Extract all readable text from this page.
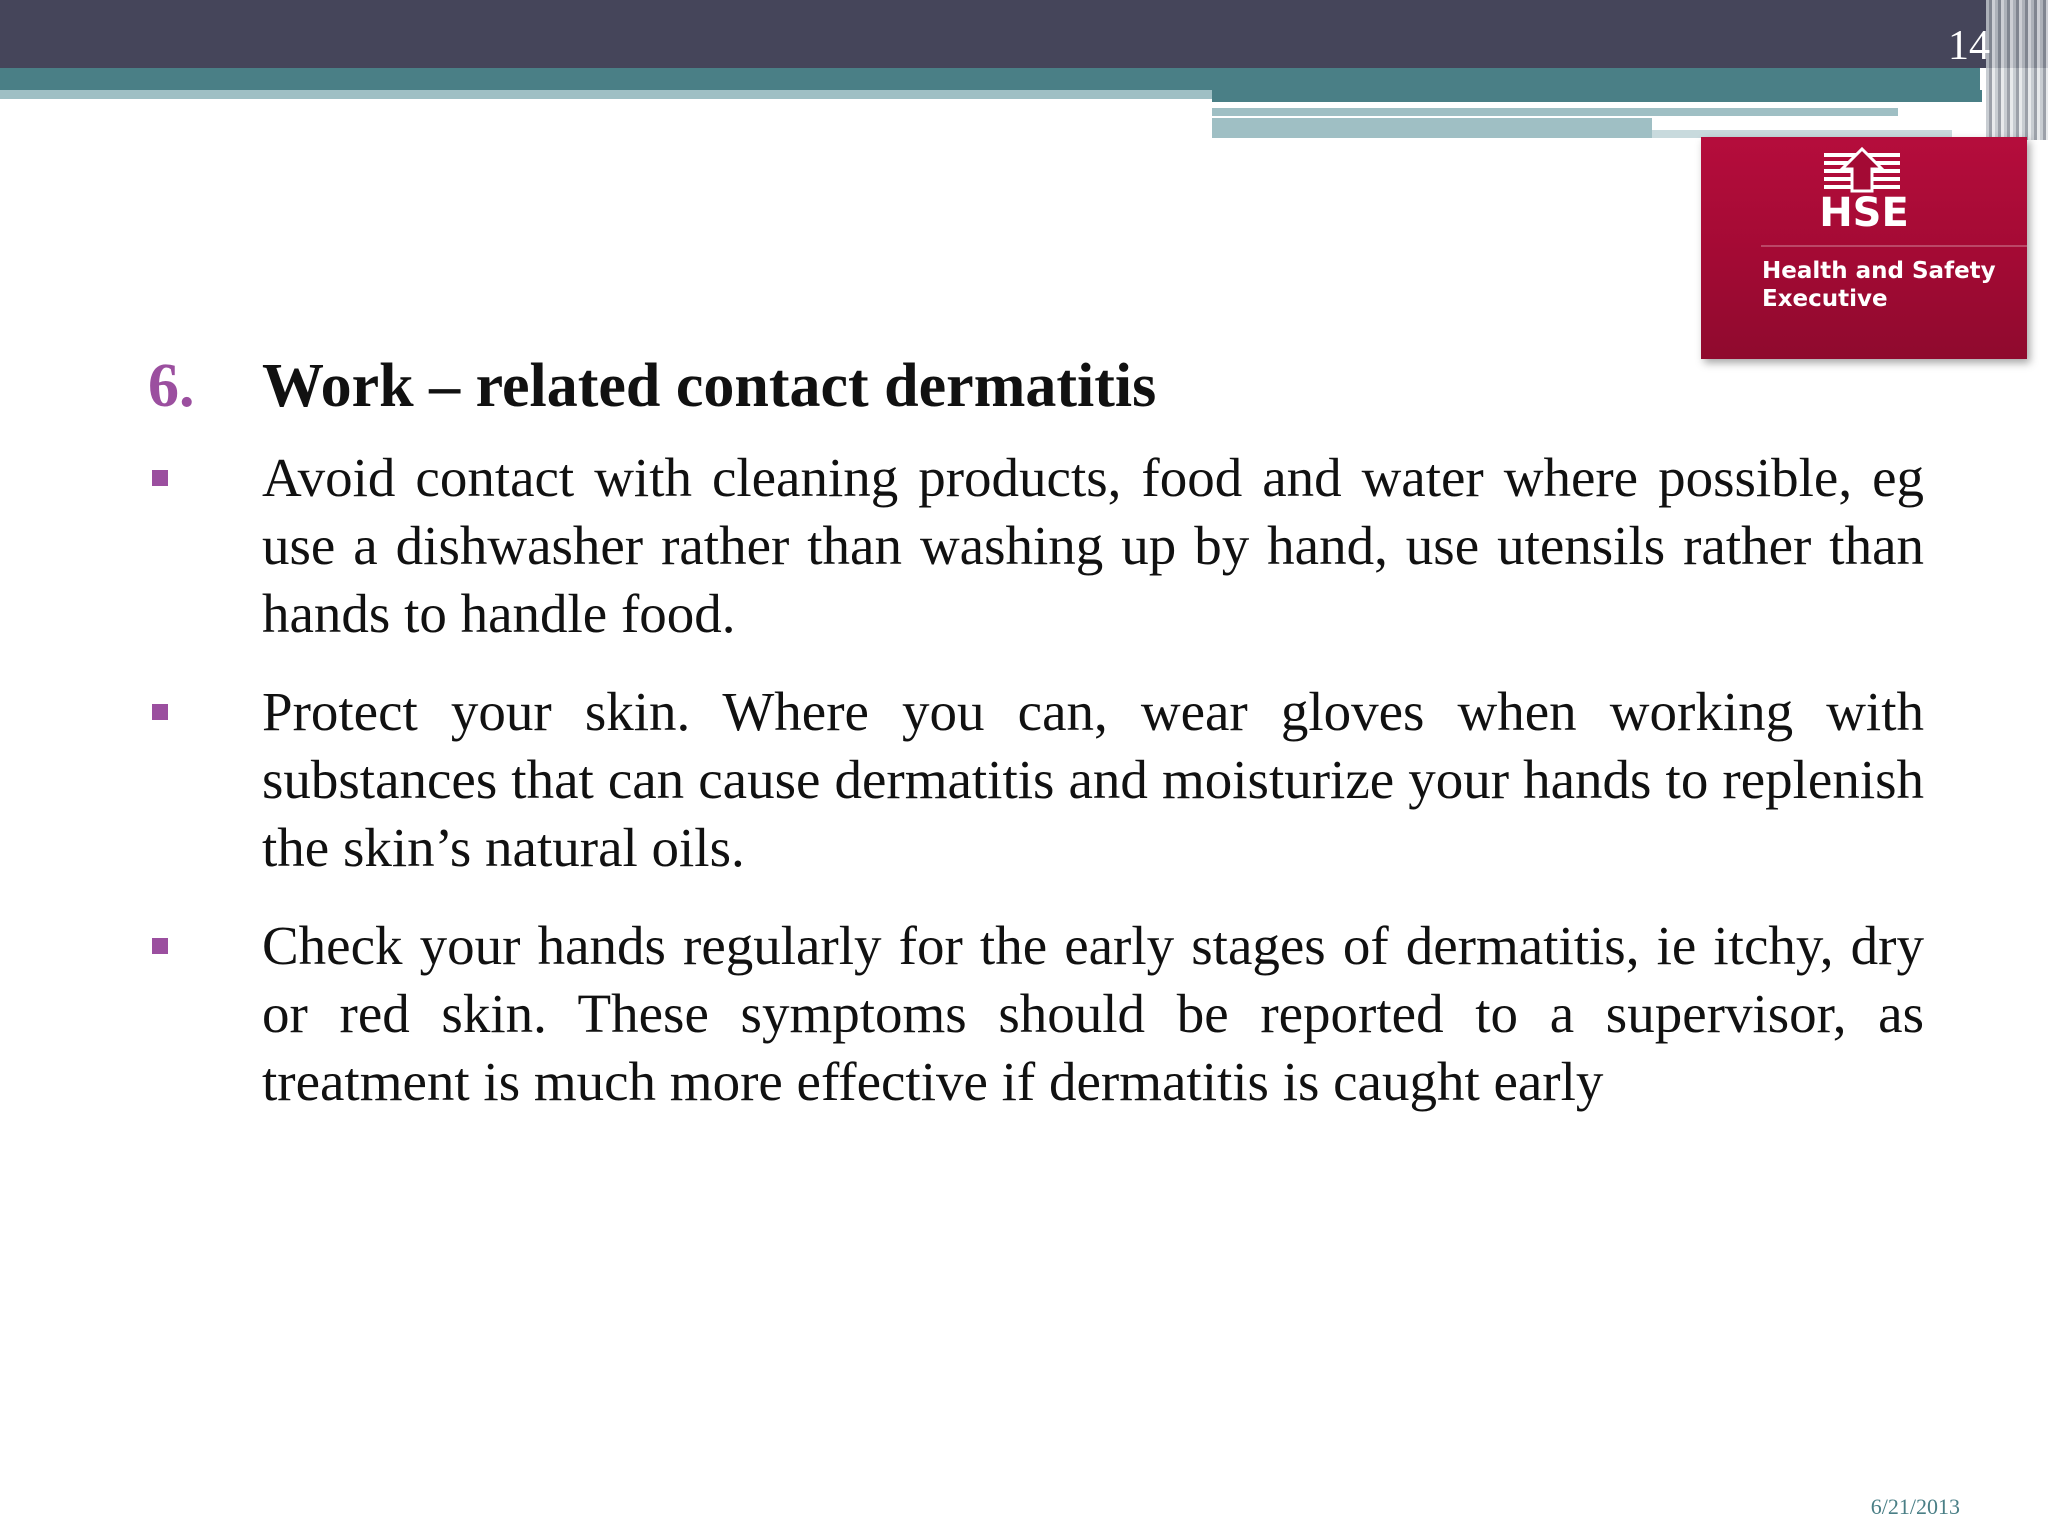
14
HSE
Health and Safety
Executive
6. Work – related contact dermatitis
Avoid contact with cleaning products, food and water where possible, eg use a dishwasher rather than washing up by hand, use utensils rather than hands to handle food.
Protect your skin. Where you can, wear gloves when working with substances that can cause dermatitis and moisturize your hands to replenish the skin’s natural oils.
Check your hands regularly for the early stages of dermatitis, ie itchy, dry or red skin. These symptoms should be reported to a supervisor, as treatment is much more effective if dermatitis is caught early
6/21/2013
